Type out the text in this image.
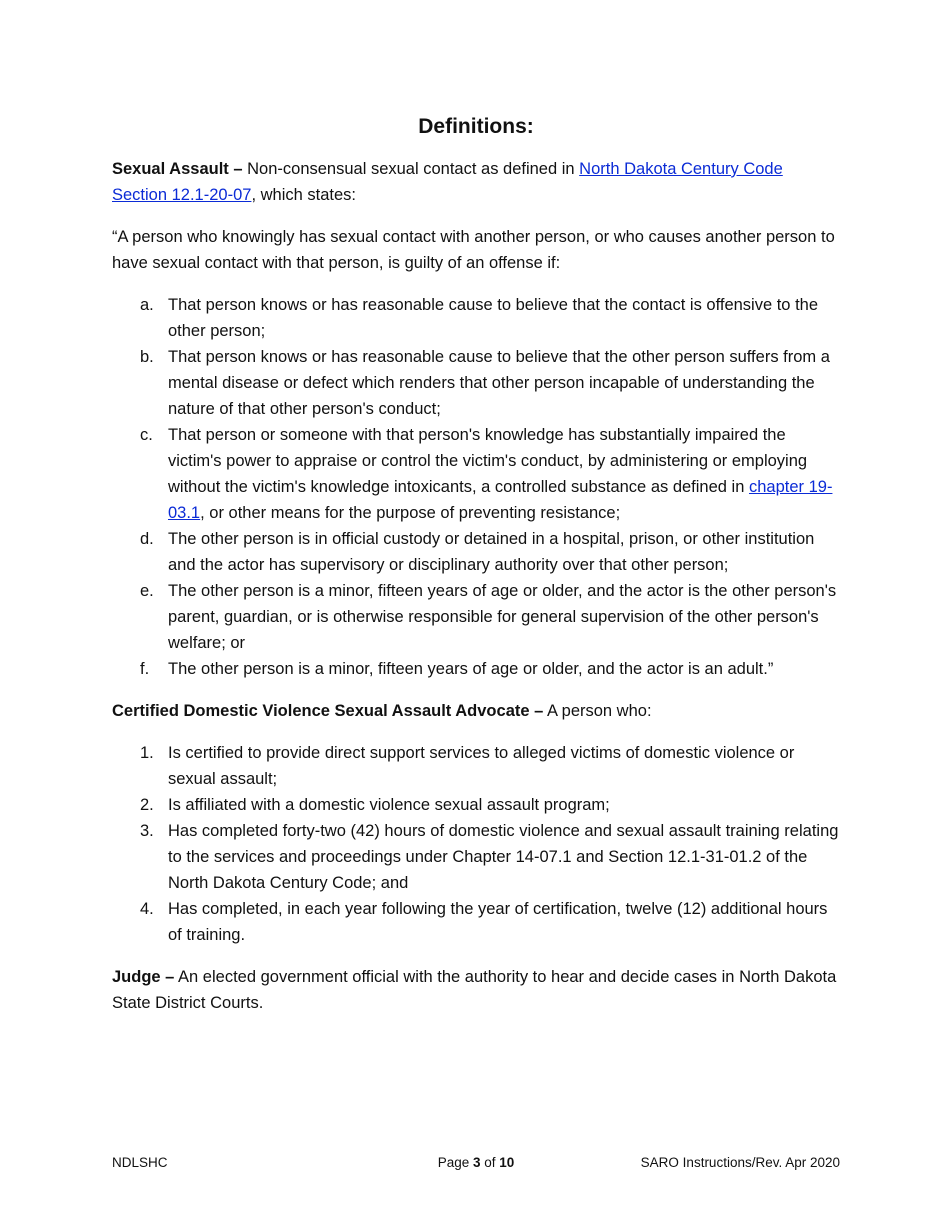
Definitions:

Sexual Assault – Non-consensual sexual contact as defined in North Dakota Century Code Section 12.1-20-07, which states:

“A person who knowingly has sexual contact with another person, or who causes another person to have sexual contact with that person, is guilty of an offense if:

a. That person knows or has reasonable cause to believe that the contact is offensive to the other person;
b. That person knows or has reasonable cause to believe that the other person suffers from a mental disease or defect which renders that other person incapable of understanding the nature of that other person's conduct;
c. That person or someone with that person's knowledge has substantially impaired the victim's power to appraise or control the victim's conduct, by administering or employing without the victim's knowledge intoxicants, a controlled substance as defined in chapter 19-03.1, or other means for the purpose of preventing resistance;
d. The other person is in official custody or detained in a hospital, prison, or other institution and the actor has supervisory or disciplinary authority over that other person;
e. The other person is a minor, fifteen years of age or older, and the actor is the other person's parent, guardian, or is otherwise responsible for general supervision of the other person's welfare; or
f. The other person is a minor, fifteen years of age or older, and the actor is an adult.”

Certified Domestic Violence Sexual Assault Advocate – A person who:

1. Is certified to provide direct support services to alleged victims of domestic violence or sexual assault;
2. Is affiliated with a domestic violence sexual assault program;
3. Has completed forty-two (42) hours of domestic violence and sexual assault training relating to the services and proceedings under Chapter 14-07.1 and Section 12.1-31-01.2 of the North Dakota Century Code; and
4. Has completed, in each year following the year of certification, twelve (12) additional hours of training.

Judge – An elected government official with the authority to hear and decide cases in North Dakota State District Courts.

NDLSHC	Page 3 of 10	SARO Instructions/Rev. Apr 2020
